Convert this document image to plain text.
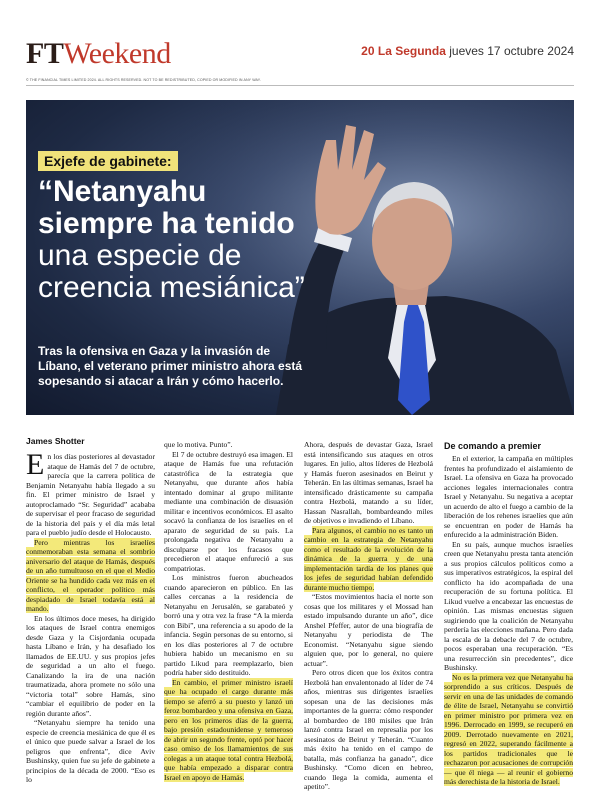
FTWeekend	20 La Segunda jueves 17 octubre 2024
© THE FINANCIAL TIMES LIMITED 2024. ALL RIGHTS RESERVED. NOT TO BE REDISTRIBUTED, COPIED OR MODIFIED IN ANY WAY.
Exjefe de gabinete:
“Netanyahu
siempre ha tenido
una especie de
creencia mesiánica”
Tras la ofensiva en Gaza y la invasión de Líbano, el veterano primer ministro ahora está sopesando si atacar a Irán y cómo hacerlo.
James Shotter

En los días posteriores al devastador ataque de Hamás del 7 de octubre, parecía que la carrera política de Benjamin Netanyahu había llegado a su fin. El primer ministro de Israel y autoproclamado “Sr. Seguridad” acababa de supervisar el peor fracaso de seguridad de la historia del país y el día más letal para el pueblo judío desde el Holocausto.

Pero mientras los israelíes conmemoraban esta semana el sombrío aniversario del ataque de Hamás, después de un año tumultuoso en el que el Medio Oriente se ha hundido cada vez más en el conflicto, el operador político más despiadado de Israel todavía está al mando.

En los últimos doce meses, ha dirigido los ataques de Israel contra enemigos desde Gaza y la Cisjordania ocupada hasta Líbano e Irán, y ha desafiado los llamados de EE.UU. y sus propios jefes de seguridad a un alto el fuego. Canalizando la ira de una nación traumatizada, ahora promete no sólo una “victoria total” sobre Hamás, sino “cambiar el equilibrio de poder en la región durante años”.

“Netanyahu siempre ha tenido una especie de creencia mesiánica de que él es el único que puede salvar a Israel de los peligros que enfrenta”, dice Aviv Bushinsky, quien fue su jefe de gabinete a principios de la década de 2000. “Eso es lo

que lo motiva. Punto”.

El 7 de octubre destruyó esa imagen. El ataque de Hamás fue una refutación catastrófica de la estrategia que Netanyahu, que durante años había intentado dominar al grupo militante mediante una combinación de disuasión militar e incentivos económicos. El asalto socavó la confianza de los israelíes en el aparato de seguridad de su país. La prolongada negativa de Netanyahu a disculparse por los fracasos que precedieron el ataque enfureció a sus compatriotas.

Los ministros fueron abucheados cuando aparecieron en público. En las calles cercanas a la residencia de Netanyahu en Jerusalén, se garabateó y borró una y otra vez la frase “A la mierda con Bibi”, una referencia a su apodo de la infancia. Según personas de su entorno, si en los días posteriores al 7 de octubre hubiera habido un mecanismo en su partido Likud para reemplazarlo, bien podría haber sido destituido.

En cambio, el primer ministro israelí que ha ocupado el cargo durante más tiempo se aferró a su puesto y lanzó un feroz bombardeo y una ofensiva en Gaza, pero en los primeros días de la guerra, bajo presión estadounidense y temeroso de abrir un segundo frente, optó por hacer caso omiso de los llamamientos de sus colegas a un ataque total contra Hezbolá, que había empezado a disparar contra Israel en apoyo de Hamás.

Ahora, después de devastar Gaza, Israel está intensificando sus ataques en otros lugares. En julio, altos líderes de Hezbolá y Hamás fueron asesinados en Beirut y Teherán. En las últimas semanas, Israel ha intensificado drásticamente su campaña contra Hezbolá, matando a su líder, Hassan Nasrallah, bombardeando miles de objetivos e invadiendo el Líbano.

Para algunos, el cambio no es tanto un cambio en la estrategia de Netanyahu como el resultado de la evolución de la dinámica de la guerra y de una implementación tardía de los planes que los jefes de seguridad habían defendido durante mucho tiempo.

“Estos movimientos hacia el norte son cosas que los militares y el Mossad han estado impulsando durante un año”, dice Anshel Pfeffer, autor de una biografía de Netanyahu y periodista de The Economist. “Netanyahu sigue siendo alguien que, por lo general, no quiere actuar”.

Pero otros dicen que los éxitos contra Hezbolá han envalentonado al líder de 74 años, mientras sus dirigentes israelíes sopesan una de las decisiones más importantes de la guerra: cómo responder al bombardeo de 180 misiles que Irán lanzó contra Israel en represalia por los asesinatos de Beirut y Teherán. “Cuanto más éxito ha tenido en el campo de batalla, más confianza ha ganado”, dice Bushinsky. “Como dicen en hebreo, cuando llega la comida, aumenta el apetito”.

De comando a premier

En el exterior, la campaña en múltiples frentes ha profundizado el aislamiento de Israel. La ofensiva en Gaza ha provocado acciones legales internacionales contra Israel y Netanyahu. Su negativa a aceptar un acuerdo de alto el fuego a cambio de la liberación de los rehenes israelíes que aún se encuentran en poder de Hamás ha enfurecido a la administración Biden.

En su país, aunque muchos israelíes creen que Netanyahu presta tanta atención a sus propios cálculos políticos como a sus imperativos estratégicos, la espiral del conflicto ha ido acompañada de una recuperación de su fortuna política. El Likud vuelve a encabezar las encuestas de opinión. Las mismas encuestas siguen sugiriendo que la coalición de Netanyahu perdería las elecciones mañana. Pero dada la escala de la debacle del 7 de octubre, pocos esperaban una recuperación. “Es una resurrección sin precedentes”, dice Bushinsky.

No es la primera vez que Netanyahu ha sorprendido a sus críticos. Después de servir en una de las unidades de comando de élite de Israel, Netanyahu se convirtió en primer ministro por primera vez en 1996. Derrocado en 1999, se recuperó en 2009. Derrotado nuevamente en 2021, regresó en 2022, superando fácilmente a los partidos tradicionales que le rechazaron por acusaciones de corrupción — que él niega — al reunir el gobierno más derechista de la historia de Israel.
